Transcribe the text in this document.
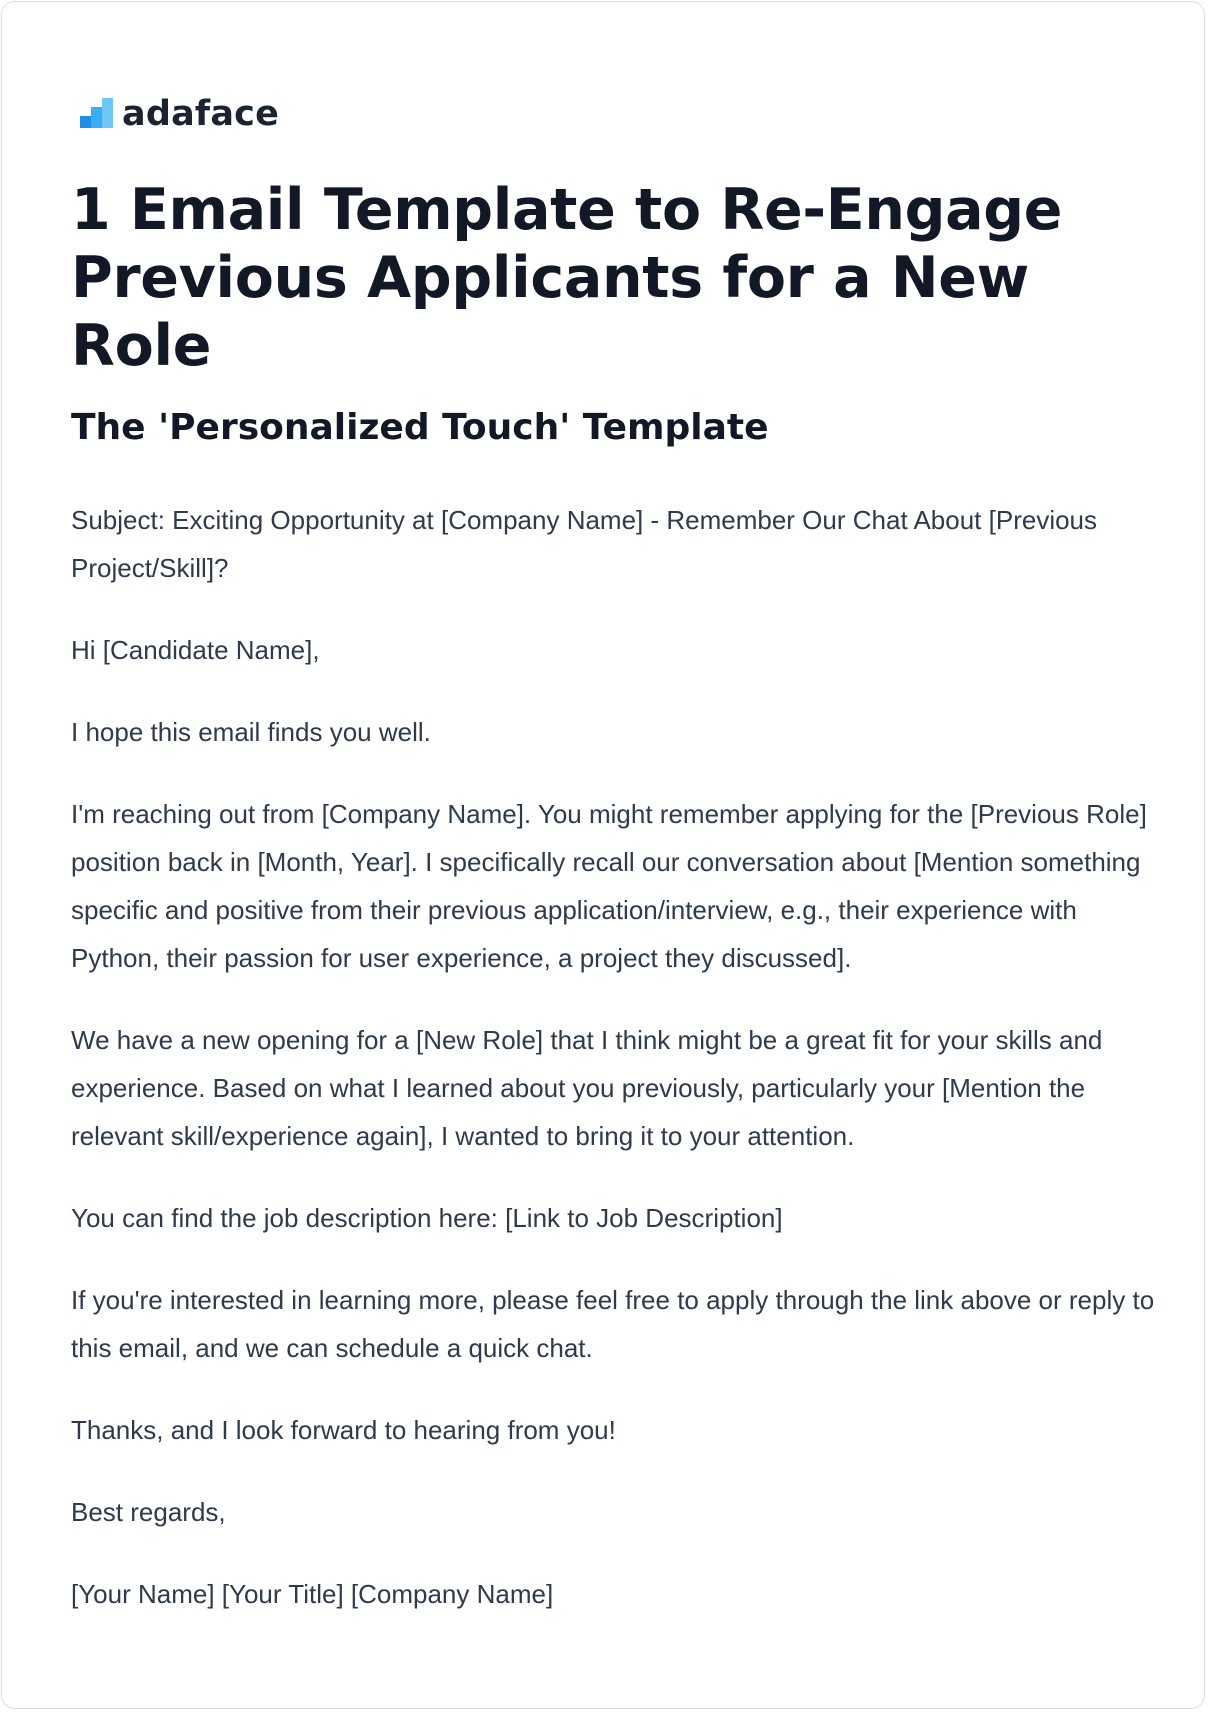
adaface
1 Email Template to Re-Engage Previous Applicants for a New Role
The 'Personalized Touch' Template

Subject: Exciting Opportunity at [Company Name] - Remember Our Chat About [Previous Project/Skill]?

Hi [Candidate Name],

I hope this email finds you well.

I'm reaching out from [Company Name]. You might remember applying for the [Previous Role] position back in [Month, Year]. I specifically recall our conversation about [Mention something specific and positive from their previous application/interview, e.g., their experience with Python, their passion for user experience, a project they discussed].

We have a new opening for a [New Role] that I think might be a great fit for your skills and experience. Based on what I learned about you previously, particularly your [Mention the relevant skill/experience again], I wanted to bring it to your attention.

You can find the job description here: [Link to Job Description]

If you're interested in learning more, please feel free to apply through the link above or reply to this email, and we can schedule a quick chat.

Thanks, and I look forward to hearing from you!

Best regards,

[Your Name] [Your Title] [Company Name]
